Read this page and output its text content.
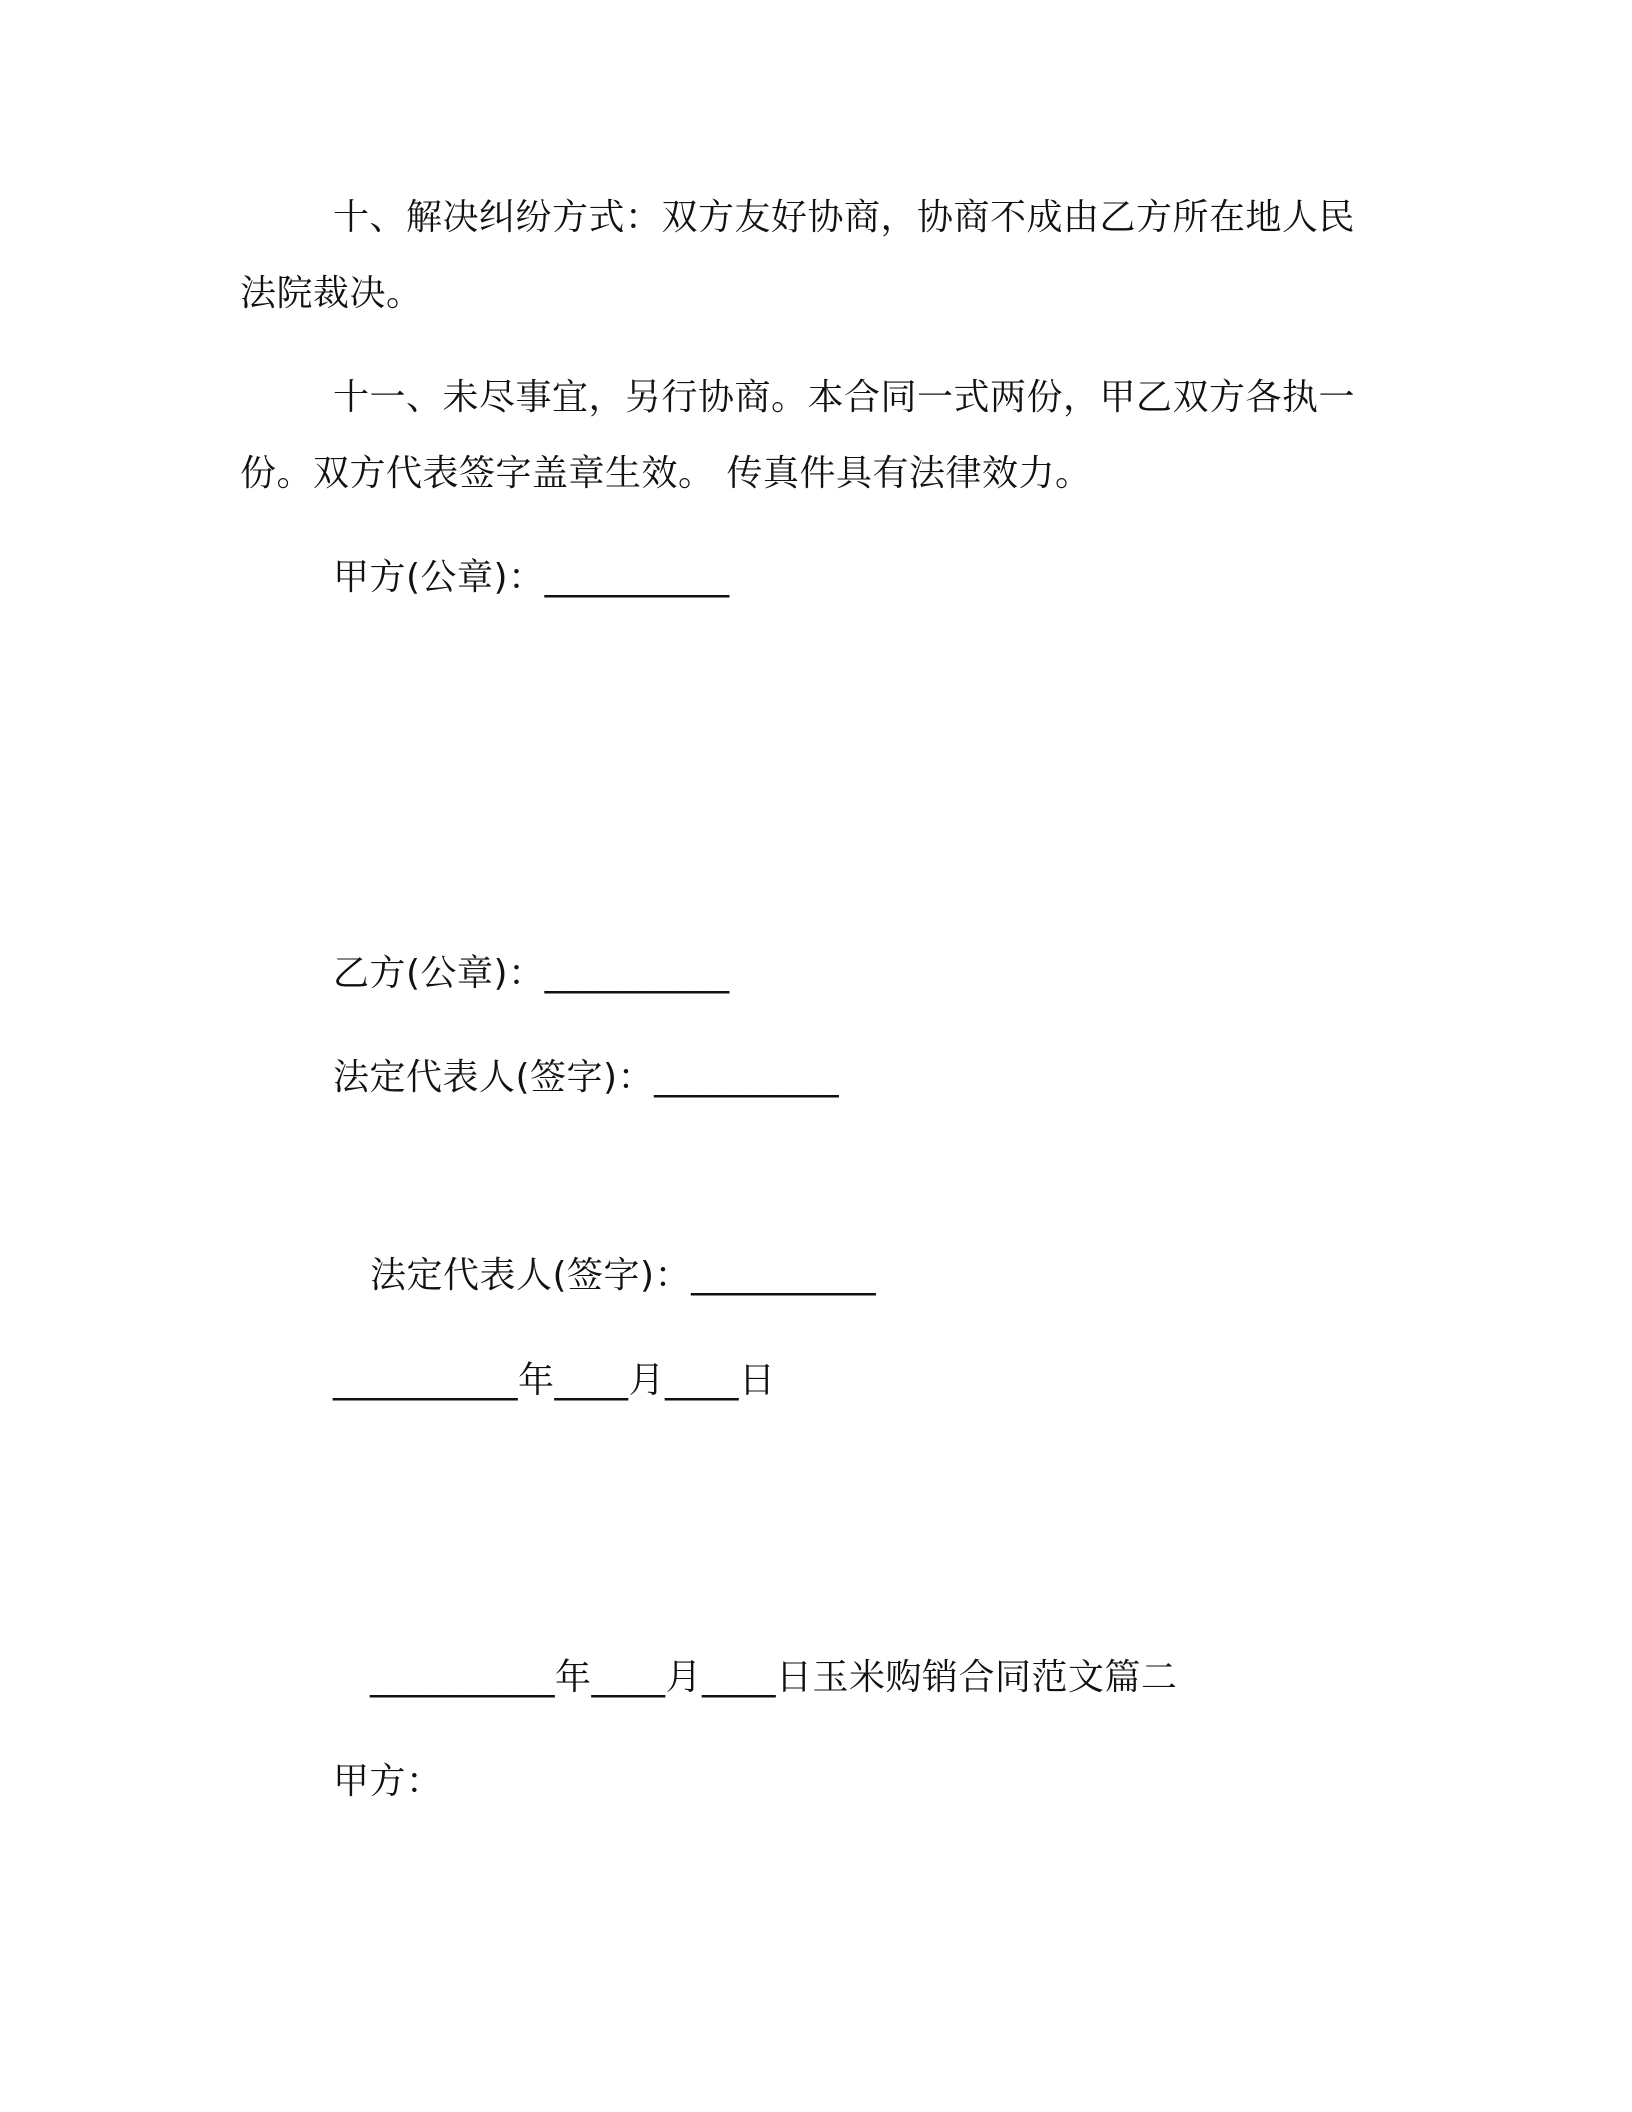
十、解决纠纷方式：双方友好协商，协商不成由乙方所在地人民
法院裁决。
十一、未尽事宜，另行协商。本合同一式两份，甲乙双方各执一
份。双方代表签字盖章生效。 传真件具有法律效力。
甲方(公章)：__________
乙方(公章)：__________
法定代表人(签字)：__________
法定代表人(签字)：__________
__________年____月____日
__________年____月____日玉米购销合同范文篇二
甲方：
